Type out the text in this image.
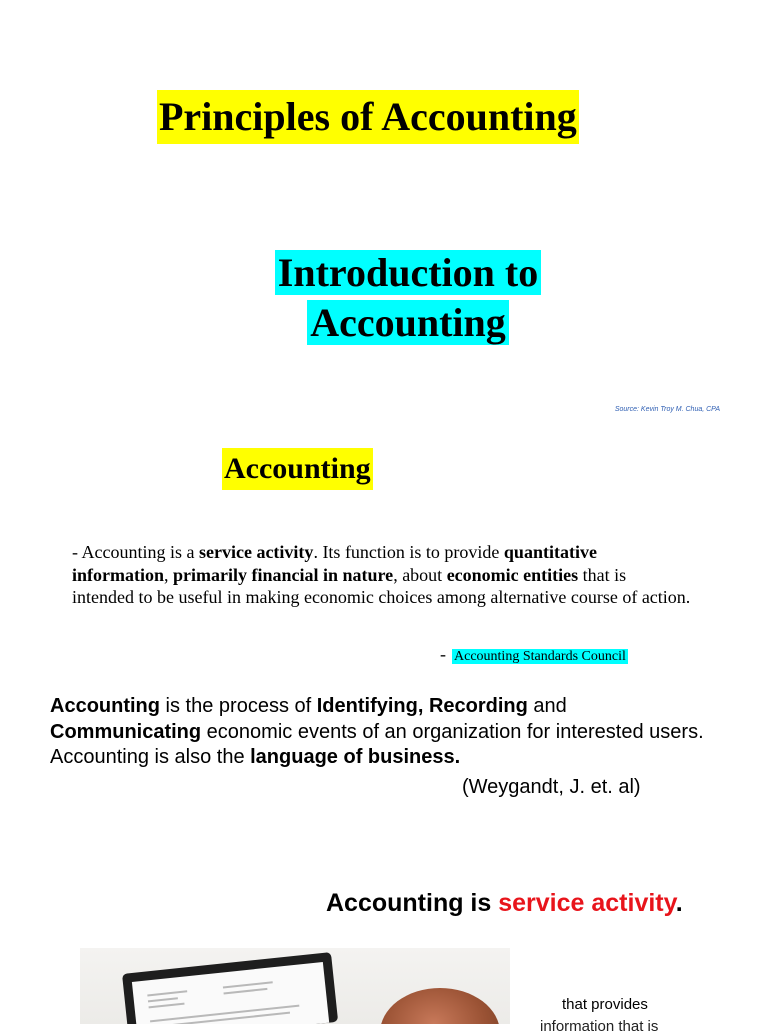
Principles of Accounting
Introduction to
Accounting
Source: Kevin Troy M. Chua, CPA
Accounting
- Accounting is a service activity. Its function is to provide quantitative information, primarily financial in nature, about economic entities that is intended to be useful in making economic choices among alternative course of action.
- Accounting Standards Council
Accounting is the process of Identifying, Recording and Communicating economic events of an organization for interested users. Accounting is also the language of business.
(Weygandt, J. et. al)
Accounting is service activity.
that provides
information that is
